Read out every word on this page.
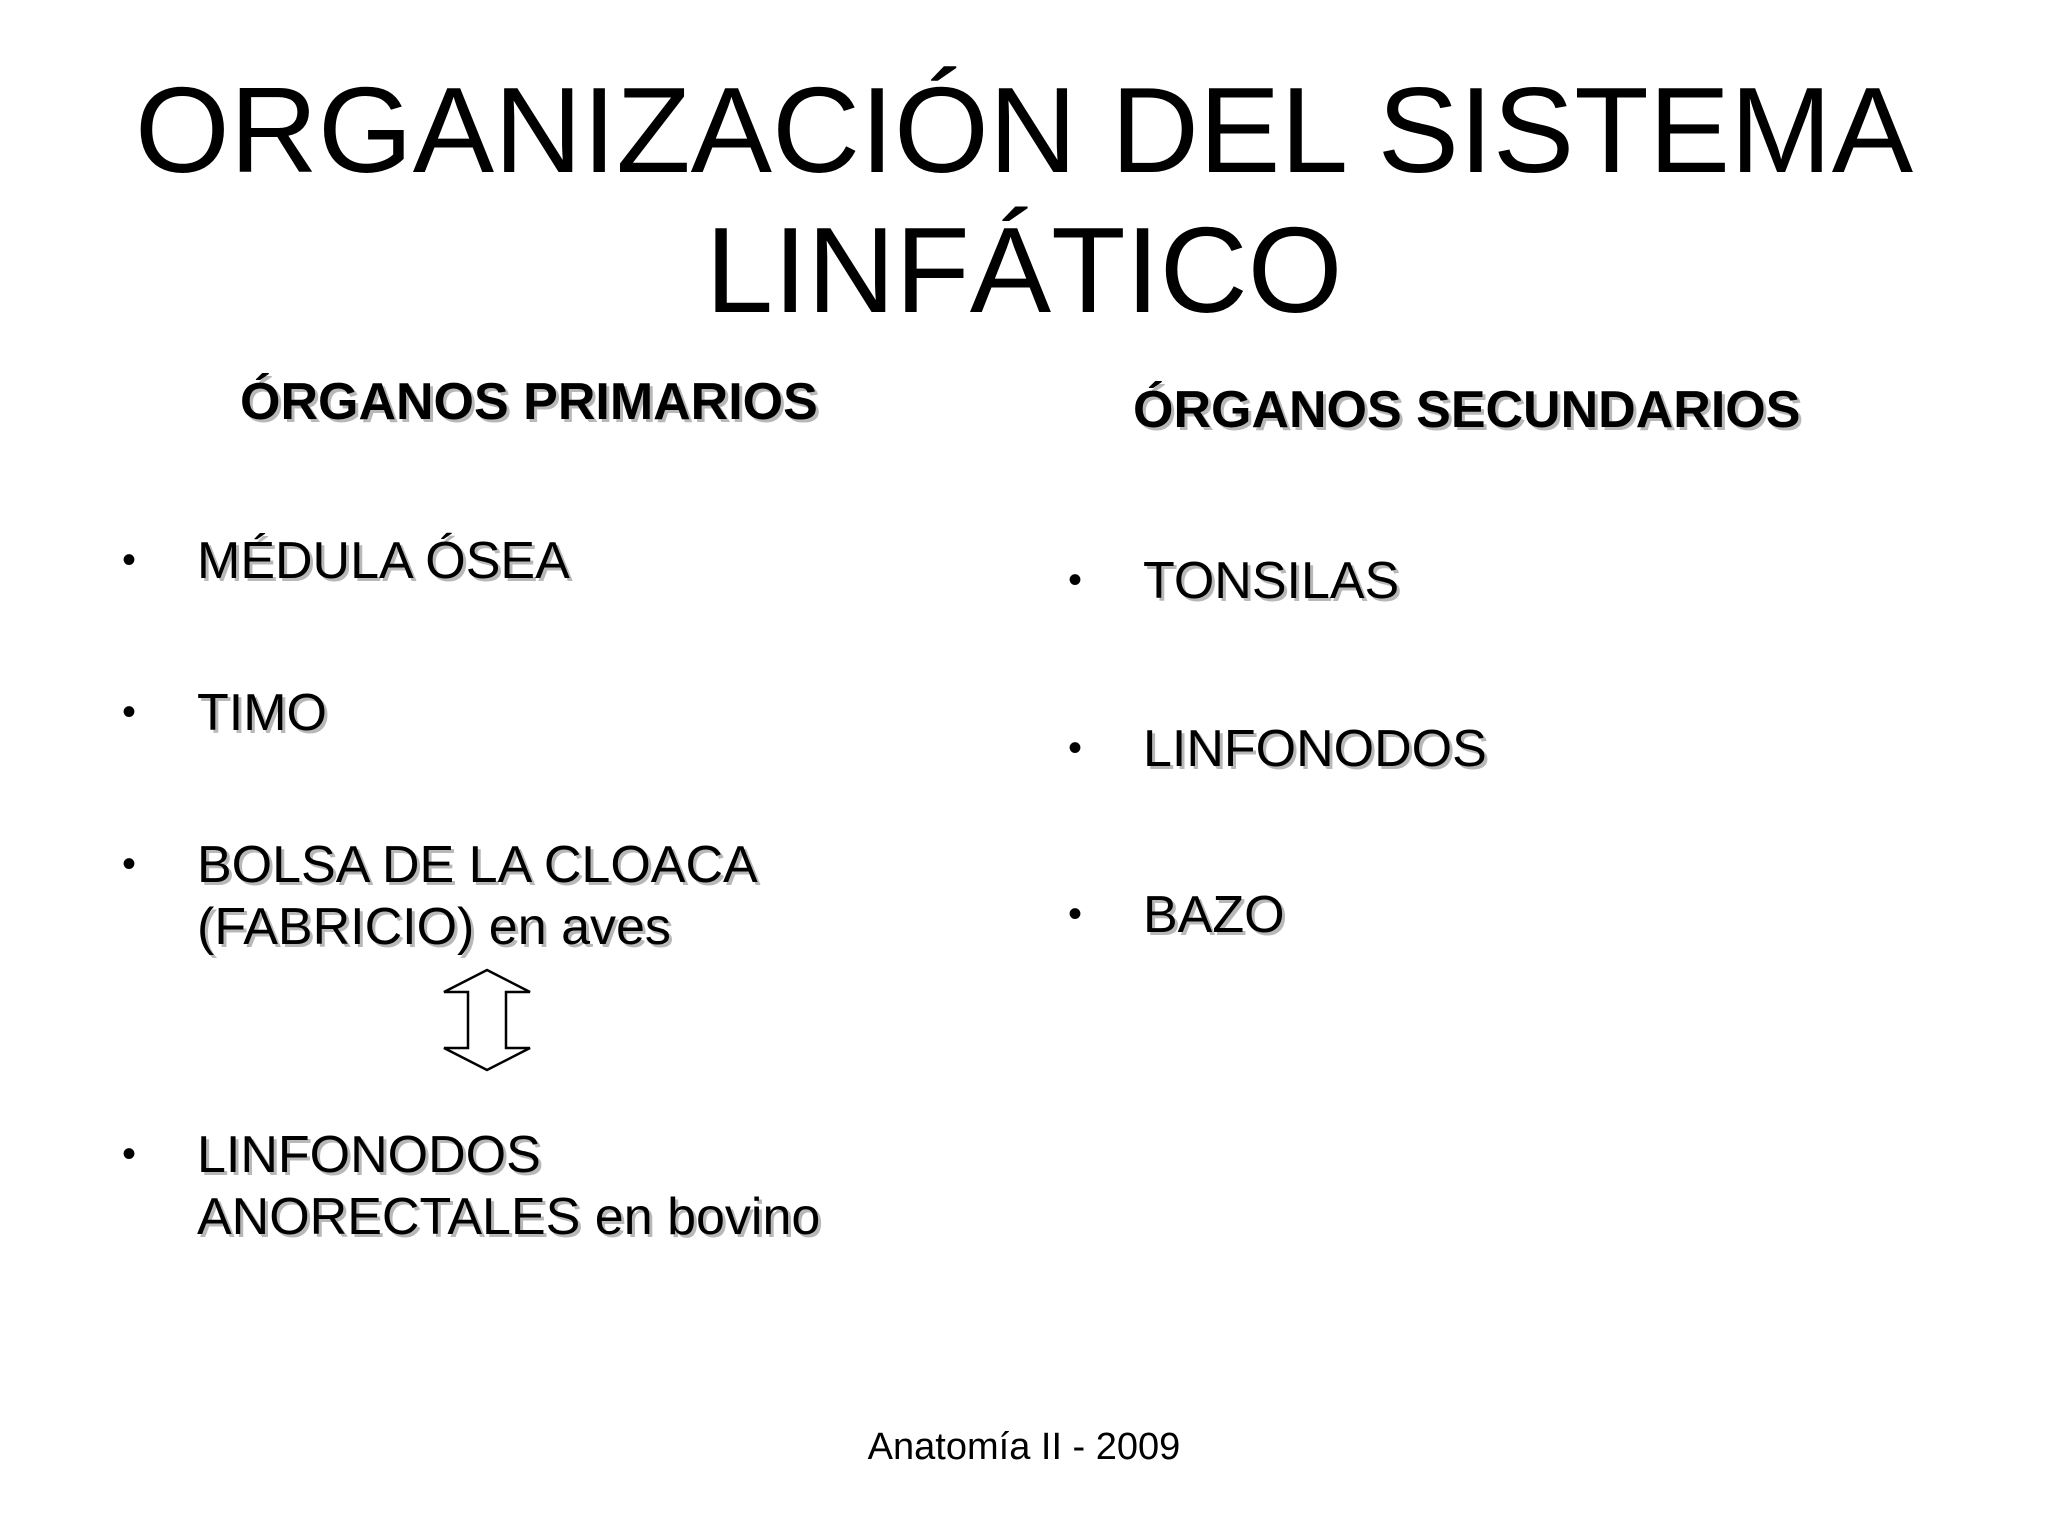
ORGANIZACIÓN DEL SISTEMA
LINFÁTICO
ÓRGANOS PRIMARIOS	ÓRGANOS SECUNDARIOS
• MÉDULA ÓSEA
• TIMO
• BOLSA DE LA CLOACA
(FABRICIO) en aves
• LINFONODOS
ANORECTALES en bovino
• TONSILAS
• LINFONODOS
• BAZO
Anatomía II - 2009
